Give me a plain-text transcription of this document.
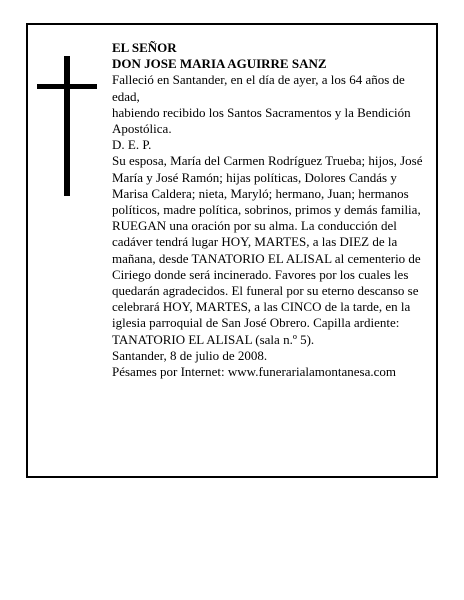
EL SEÑOR

DON JOSE MARIA AGUIRRE SANZ

Falleció en Santander, en el día de ayer, a los 64 años de edad,

habiendo recibido los Santos Sacramentos y la Bendición Apostólica.

D. E. P.

Su esposa, María del Carmen Rodríguez Trueba; hijos, José María y José Ramón; hijas políticas, Dolores Candás y Marisa Caldera; nieta, Maryló; hermano, Juan; hermanos políticos, madre política, sobrinos, primos y demás familia,

RUEGAN una oración por su alma. La conducción del cadáver tendrá lugar HOY, MARTES, a las DIEZ de la mañana, desde TANATORIO EL ALISAL al cementerio de Ciriego donde será incinerado. Favores por los cuales les quedarán agradecidos. El funeral por su eterno descanso se celebrará HOY, MARTES, a las CINCO de la tarde, en la iglesia parroquial de San José Obrero. Capilla ardiente: TANATORIO EL ALISAL (sala n.º 5).

Santander, 8 de julio de 2008.

Pésames por Internet: www.funerarialamontanesa.com
